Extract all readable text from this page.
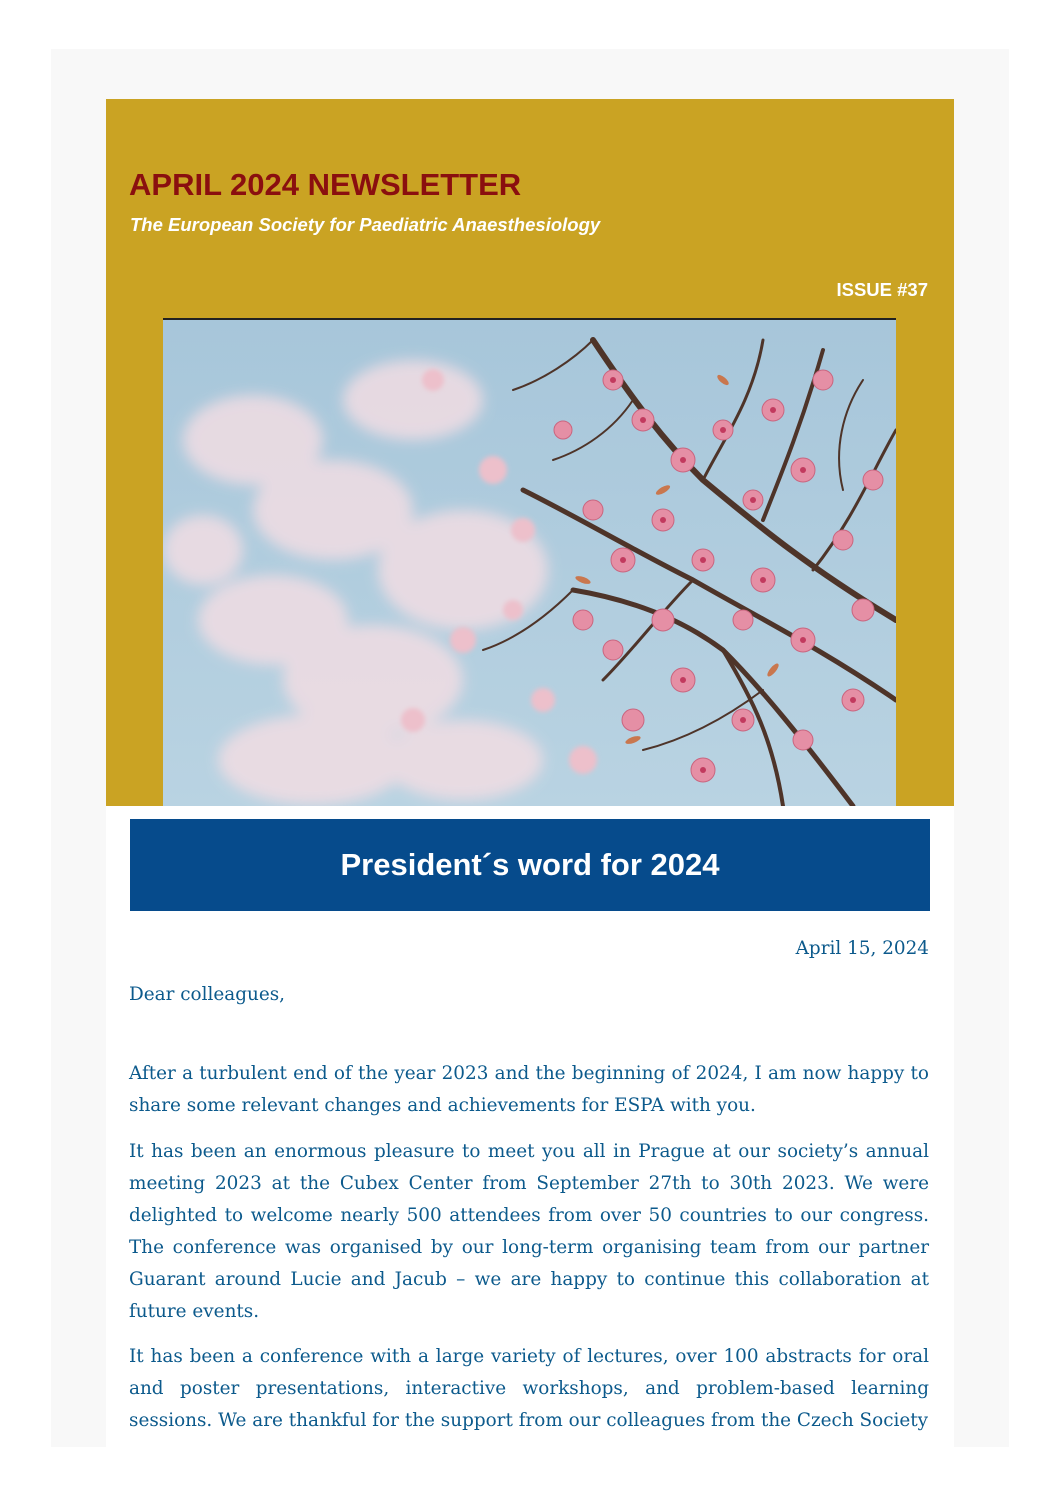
APRIL 2024 NEWSLETTER
The European Society for Paediatric Anaesthesiology
ISSUE #37
President´s word for 2024
April 15, 2024
Dear colleagues,

After a turbulent end of the year 2023 and the beginning of 2024, I am now happy to share some relevant changes and achievements for ESPA with you.

It has been an enormous pleasure to meet you all in Prague at our society’s annual meeting 2023 at the Cubex Center from September 27th to 30th 2023. We were delighted to welcome nearly 500 attendees from over 50 countries to our congress. The conference was organised by our long-term organising team from our partner Guarant around Lucie and Jacub – we are happy to continue this collaboration at future events.

It has been a conference with a large variety of lectures, over 100 abstracts for oral and poster presentations, interactive workshops, and problem-based learning sessions. We are thankful for the support from our colleagues from the Czech Society
